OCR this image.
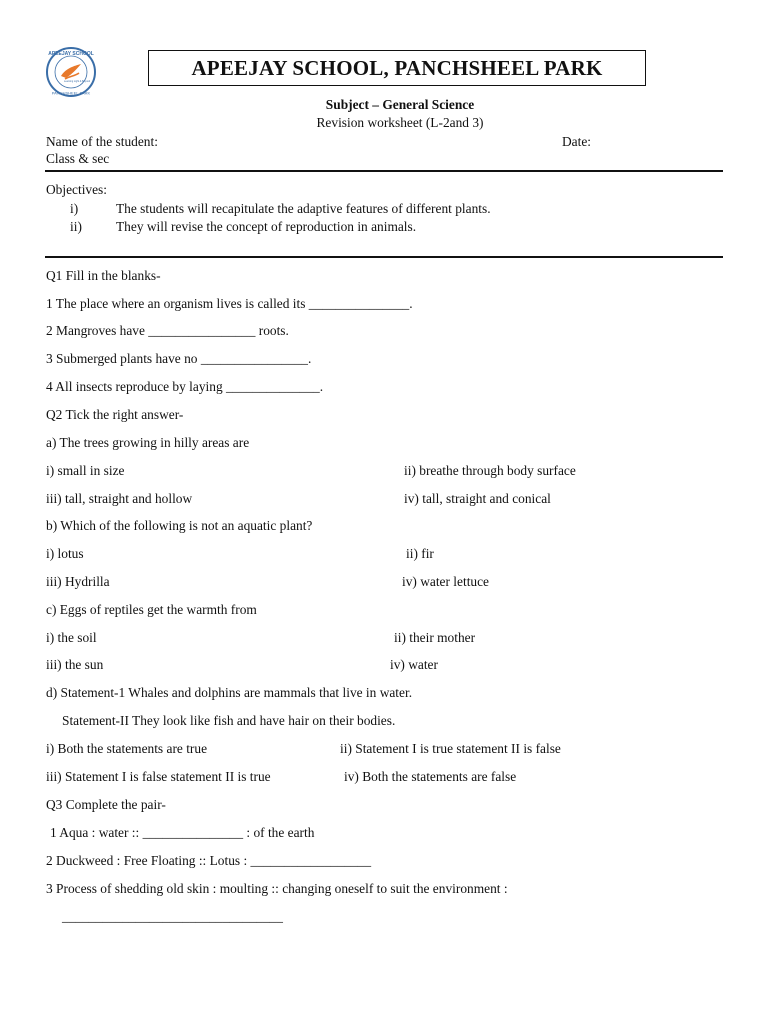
APEEJAY SCHOOL
PANCHSHEEL PARK
Learning Light & Beyond
APEEJAY SCHOOL, PANCHSHEEL PARK
Subject – General Science
Revision worksheet (L-2and 3)
Name of the student:	Date:
Class & sec
Objectives:
i)	The students will recapitulate the adaptive features of different plants.
ii)	They will revise the concept of reproduction in animals.
Q1 Fill in the blanks-
1 The place where an organism lives is called its _______________.
2 Mangroves have ________________ roots.
3 Submerged plants have no ________________.
4 All insects reproduce by laying ______________.
Q2 Tick the right answer-
a) The trees growing in hilly areas are
i) small in size	ii) breathe through body surface
iii) tall, straight and hollow	iv) tall, straight and conical
b) Which of the following is not an aquatic plant?
i) lotus	ii) fir
iii) Hydrilla	iv) water lettuce
c) Eggs of reptiles get the warmth from
i) the soil	ii) their mother
iii) the sun	iv) water
d) Statement-1 Whales and dolphins are mammals that live in water.
Statement-II They look like fish and have hair on their bodies.
i) Both the statements are true	ii) Statement I is true statement II is false
iii) Statement I is false statement II is true	iv) Both the statements are false
Q3 Complete the pair-
1 Aqua : water :: _______________ : of the earth
2 Duckweed : Free Floating :: Lotus : __________________
3 Process of shedding old skin : moulting :: changing oneself to suit the environment :
_________________________________
